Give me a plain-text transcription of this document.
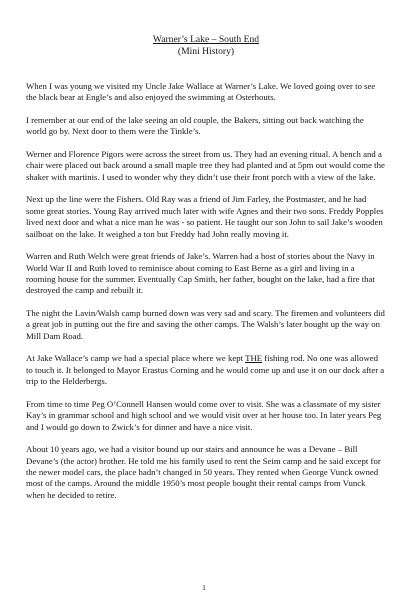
Warner’s Lake – South End
(Mini History)

When I was young we visited my Uncle Jake Wallace at Warner’s Lake. We loved going over to see the black bear at Engle’s and also enjoyed the swimming at Osterhouts.

I remember at our end of the lake seeing an old couple, the Bakers, sitting out back watching the world go by. Next door to them were the Tinkle’s.

Werner and Florence Pigors were across the street from us. They had an evening ritual. A bench and a chair were placed out back around a small maple tree they had planted and at 5pm out would come the shaker with martinis. I used to wonder why they didn’t use their front porch with a view of the lake.

Next up the line were the Fishers. Old Ray was a friend of Jim Farley, the Postmaster, and he had some great stories. Young Ray arrived much later with wife Agnes and their two sons. Freddy Popples lived next door and what a nice man he was - so patient. He taught our son John to sail Jake’s wooden sailboat on the lake. It weighed a ton but Freddy had John really moving it.

Warren and Ruth Welch were great friends of Jake’s. Warren had a host of stories about the Navy in World War II and Ruth loved to reminisce about coming to East Berne as a girl and living in a rooming house for the summer. Eventually Cap Smith, her father, bought on the lake, had a fire that destroyed the camp and rebuilt it.

The night the Lavin/Walsh camp burned down was very sad and scary. The firemen and volunteers did a great job in putting out the fire and saving the other camps. The Walsh’s later bought up the way on Mill Dam Road.

At Jake Wallace’s camp we had a special place where we kept THE fishing rod. No one was allowed to touch it. It belonged to Mayor Erastus Corning and he would come up and use it on our dock after a trip to the Helderbergs.

From time to time Peg O’Connell Hansen would come over to visit. She was a classmate of my sister Kay’s in grammar school and high school and we would visit over at her house too. In later years Peg and I would go down to Zwick’s for dinner and have a nice visit.

About 10 years ago, we had a visitor bound up our stairs and announce he was a Devane – Bill Devane’s (the actor) brother. He told me his family used to rent the Seim camp and he said except for the newer model cars, the place hadn’t changed in 50 years. They rented when George Vunck owned most of the camps. Around the middle 1950’s most people bought their rental camps from Vunck when he decided to retire.

1
